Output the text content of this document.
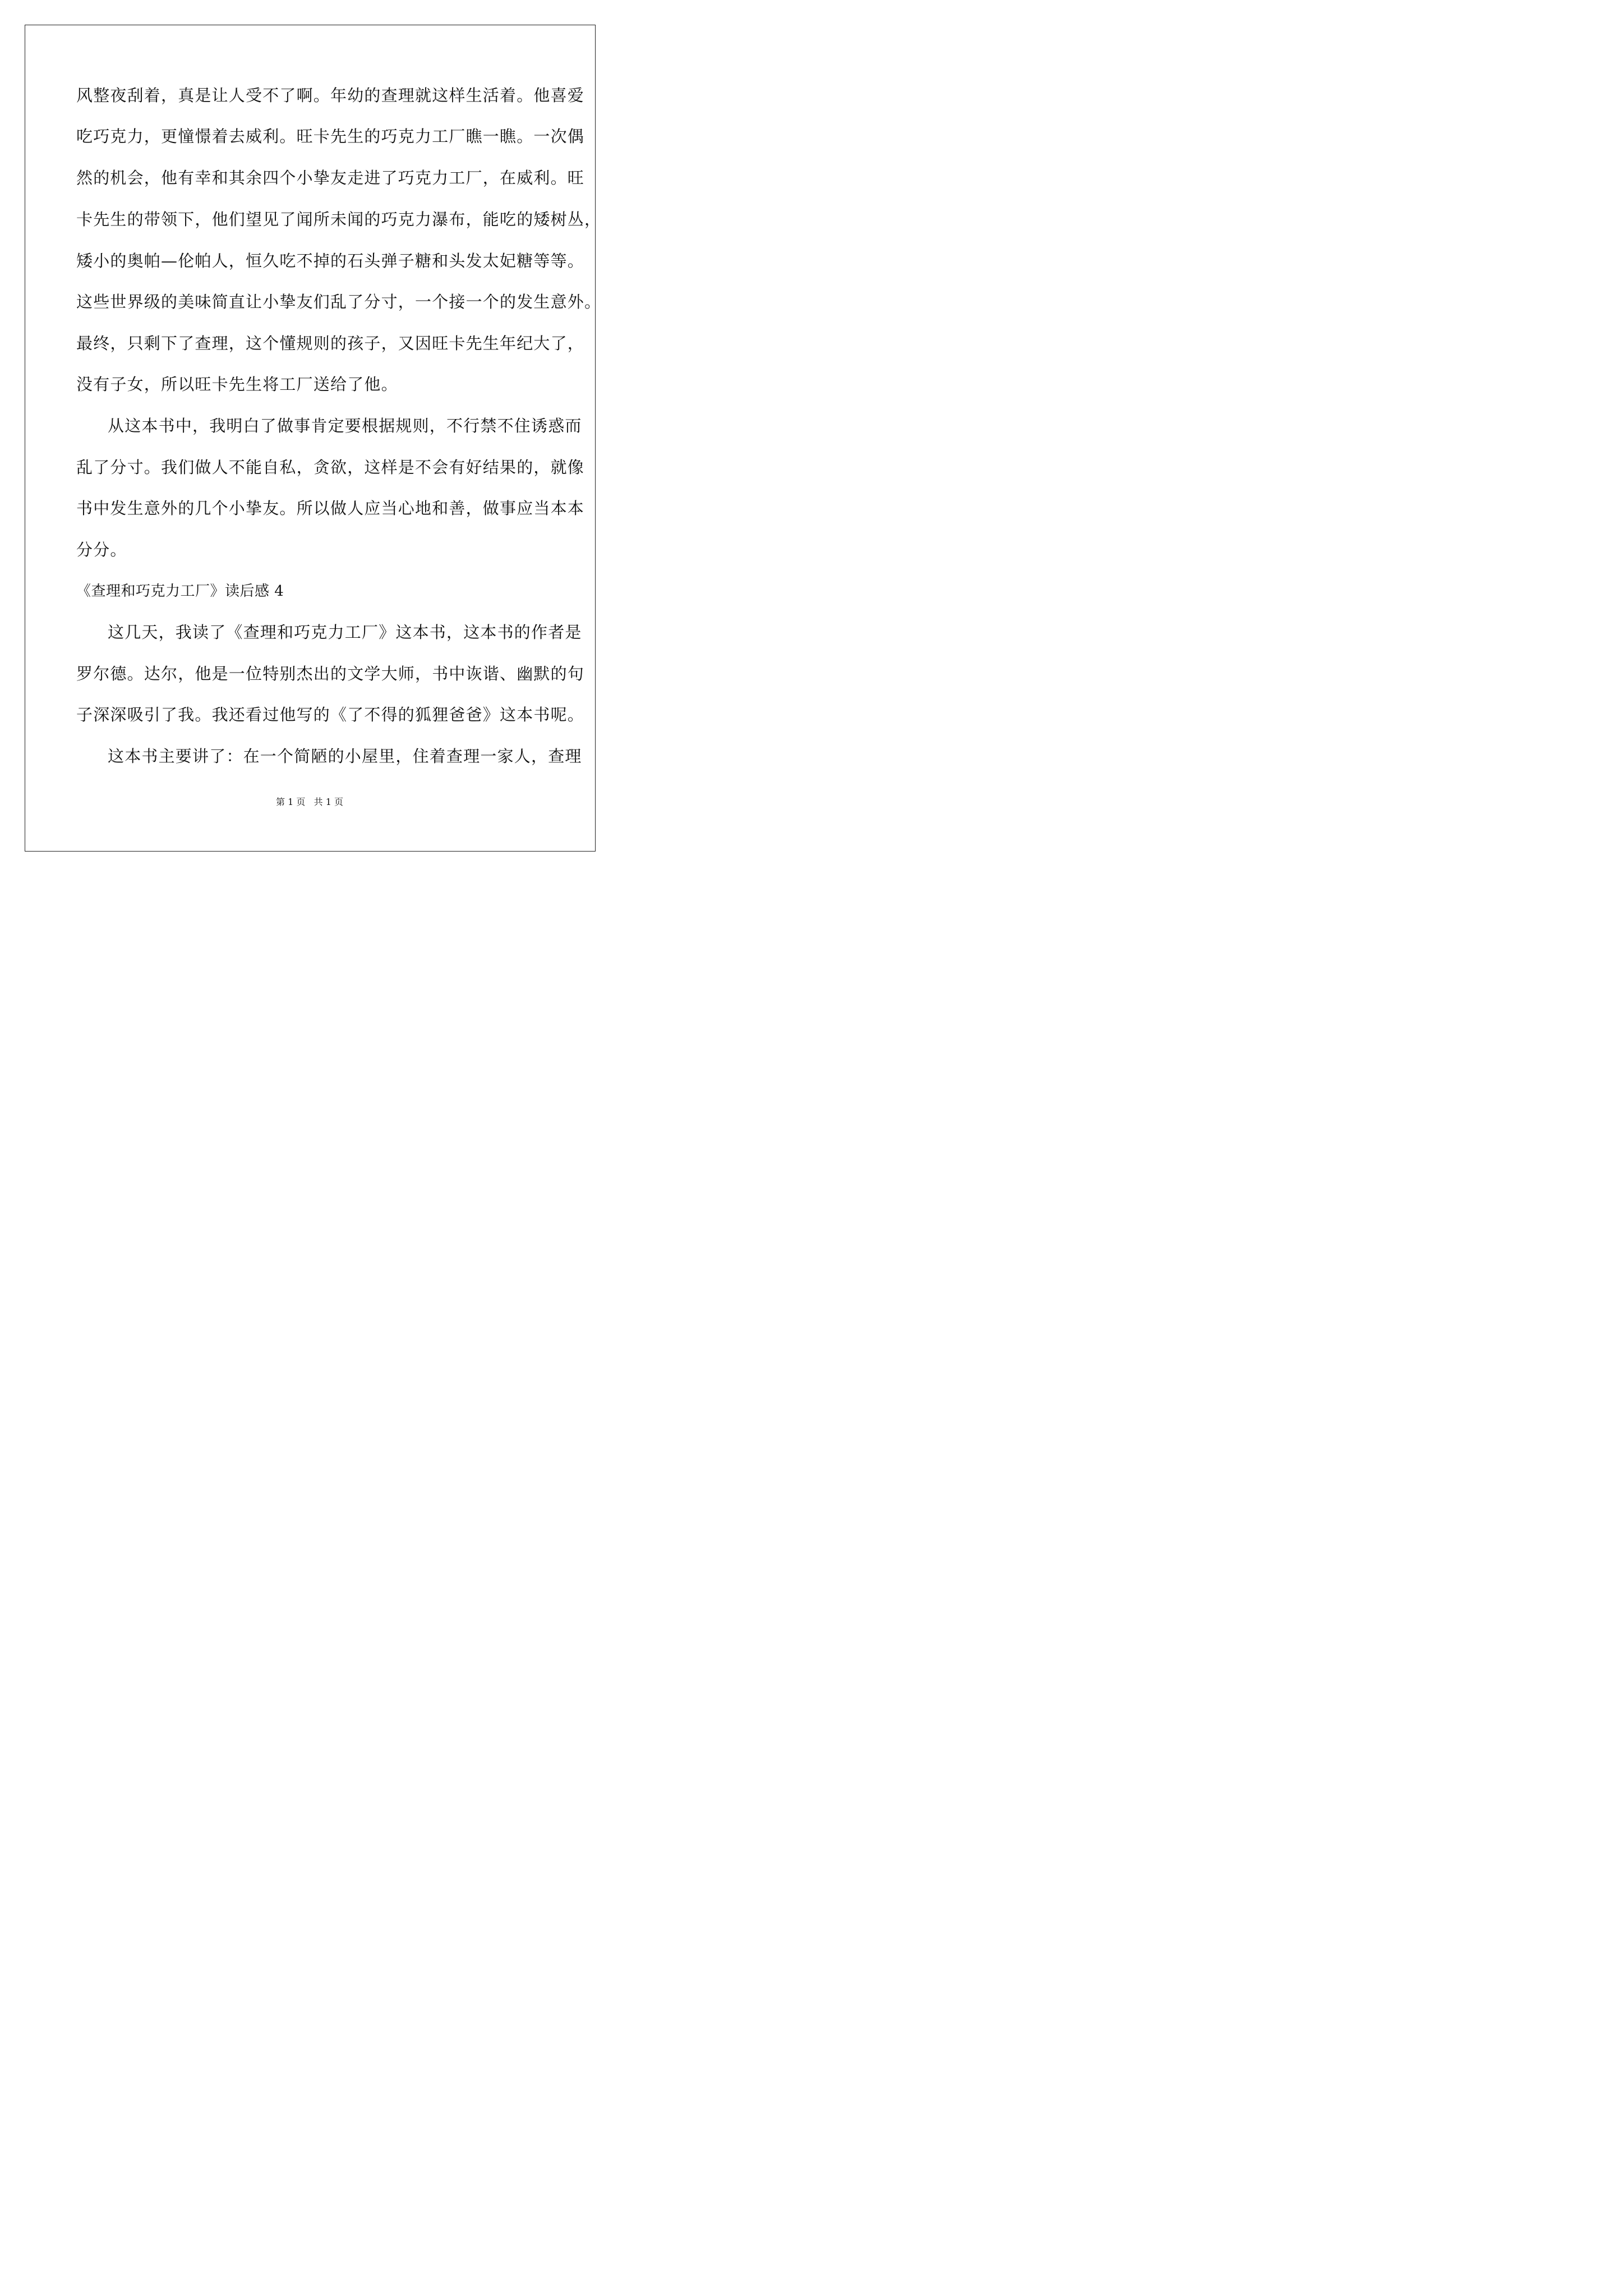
风整夜刮着，真是让人受不了啊。年幼的查理就这样生活着。他喜爱
吃巧克力，更憧憬着去威利。旺卡先生的巧克力工厂瞧一瞧。一次偶
然的机会，他有幸和其余四个小挚友走进了巧克力工厂，在威利。旺
卡先生的带领下，他们望见了闻所未闻的巧克力瀑布，能吃的矮树丛，
矮小的奥帕—伦帕人，恒久吃不掉的石头弹子糖和头发太妃糖等等。
这些世界级的美味简直让小挚友们乱了分寸，一个接一个的发生意外。
最终，只剩下了查理，这个懂规则的孩子，又因旺卡先生年纪大了，
没有子女，所以旺卡先生将工厂送给了他。
从这本书中，我明白了做事肯定要根据规则，不行禁不住诱惑而
乱了分寸。我们做人不能自私，贪欲，这样是不会有好结果的，就像
书中发生意外的几个小挚友。所以做人应当心地和善，做事应当本本
分分。
《查理和巧克力工厂》读后感 4
这几天，我读了《查理和巧克力工厂》这本书，这本书的作者是
罗尔德。达尔，他是一位特别杰出的文学大师，书中诙谐、幽默的句
子深深吸引了我。我还看过他写的《了不得的狐狸爸爸》这本书呢。
这本书主要讲了：在一个简陋的小屋里，住着查理一家人，查理
第 1 页   共 1 页
